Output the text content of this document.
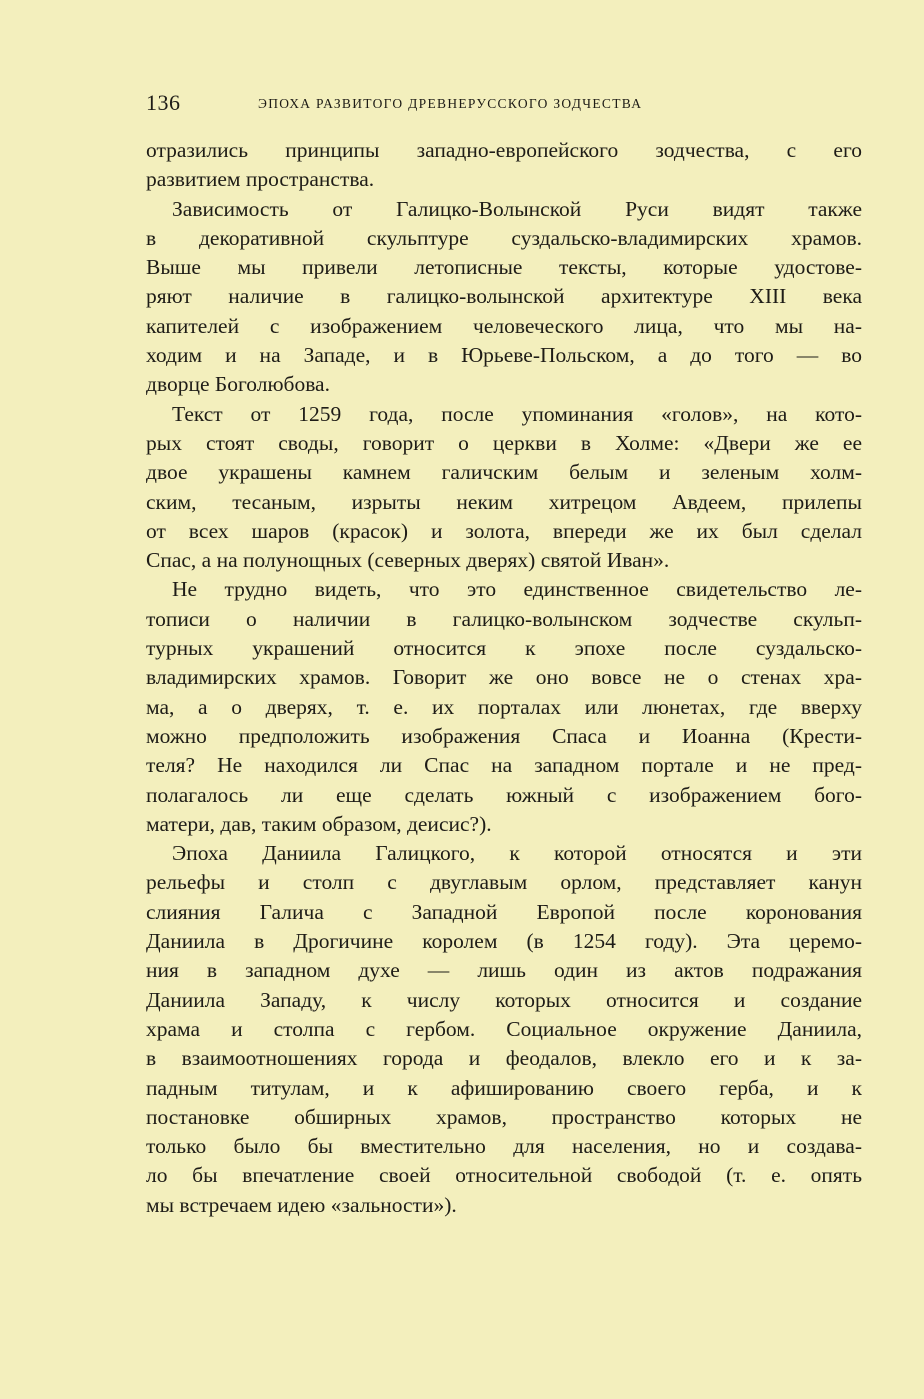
136	ЭПОХА РАЗВИТОГО ДРЕВНЕРУССКОГО ЗОДЧЕСТВА

отразились принципы западно-европейского зодчества, с его
развитием пространства.

Зависимость от Галицко-Волынской Руси видят также
в декоративной скульптуре суздальско-владимирских храмов.
Выше мы привели летописные тексты, которые удостове-
ряют наличие в галицко-волынской архитектуре XIII века
капителей с изображением человеческого лица, что мы на-
ходим и на Западе, и в Юрьеве-Польском, а до того — во
дворце Боголюбова.

Текст от 1259 года, после упоминания «голов», на кото-
рых стоят своды, говорит о церкви в Холме: «Двери же ее
двое украшены камнем галичским белым и зеленым холм-
ским, тесаным, изрыты неким хитрецом Авдеем, прилепы
от всех шаров (красок) и золота, впереди же их был сделал
Спас, а на полунощных (северных дверях) святой Иван».

Не трудно видеть, что это единственное свидетельство ле-
тописи о наличии в галицко-волынском зодчестве скульп-
турных украшений относится к эпохе после суздальско-
владимирских храмов. Говорит же оно вовсе не о стенах хра-
ма, а о дверях, т. е. их порталах или люнетах, где вверху
можно предположить изображения Спаса и Иоанна (Крести-
теля? Не находился ли Спас на западном портале и не пред-
полагалось ли еще сделать южный с изображением бого-
матери, дав, таким образом, деисис?).

Эпоха Даниила Галицкого, к которой относятся и эти
рельефы и столп с двуглавым орлом, представляет канун
слияния Галича с Западной Европой после коронования
Даниила в Дрогичине королем (в 1254 году). Эта церемо-
ния в западном духе — лишь один из актов подражания
Даниила Западу, к числу которых относится и создание
храма и столпа с гербом. Социальное окружение Даниила,
в взаимоотношениях города и феодалов, влекло его и к за-
падным титулам, и к афишированию своего герба, и к
постановке обширных храмов, пространство которых не
только было бы вместительно для населения, но и создава-
ло бы впечатление своей относительной свободой (т. е. опять
мы встречаем идею «зальности»).
